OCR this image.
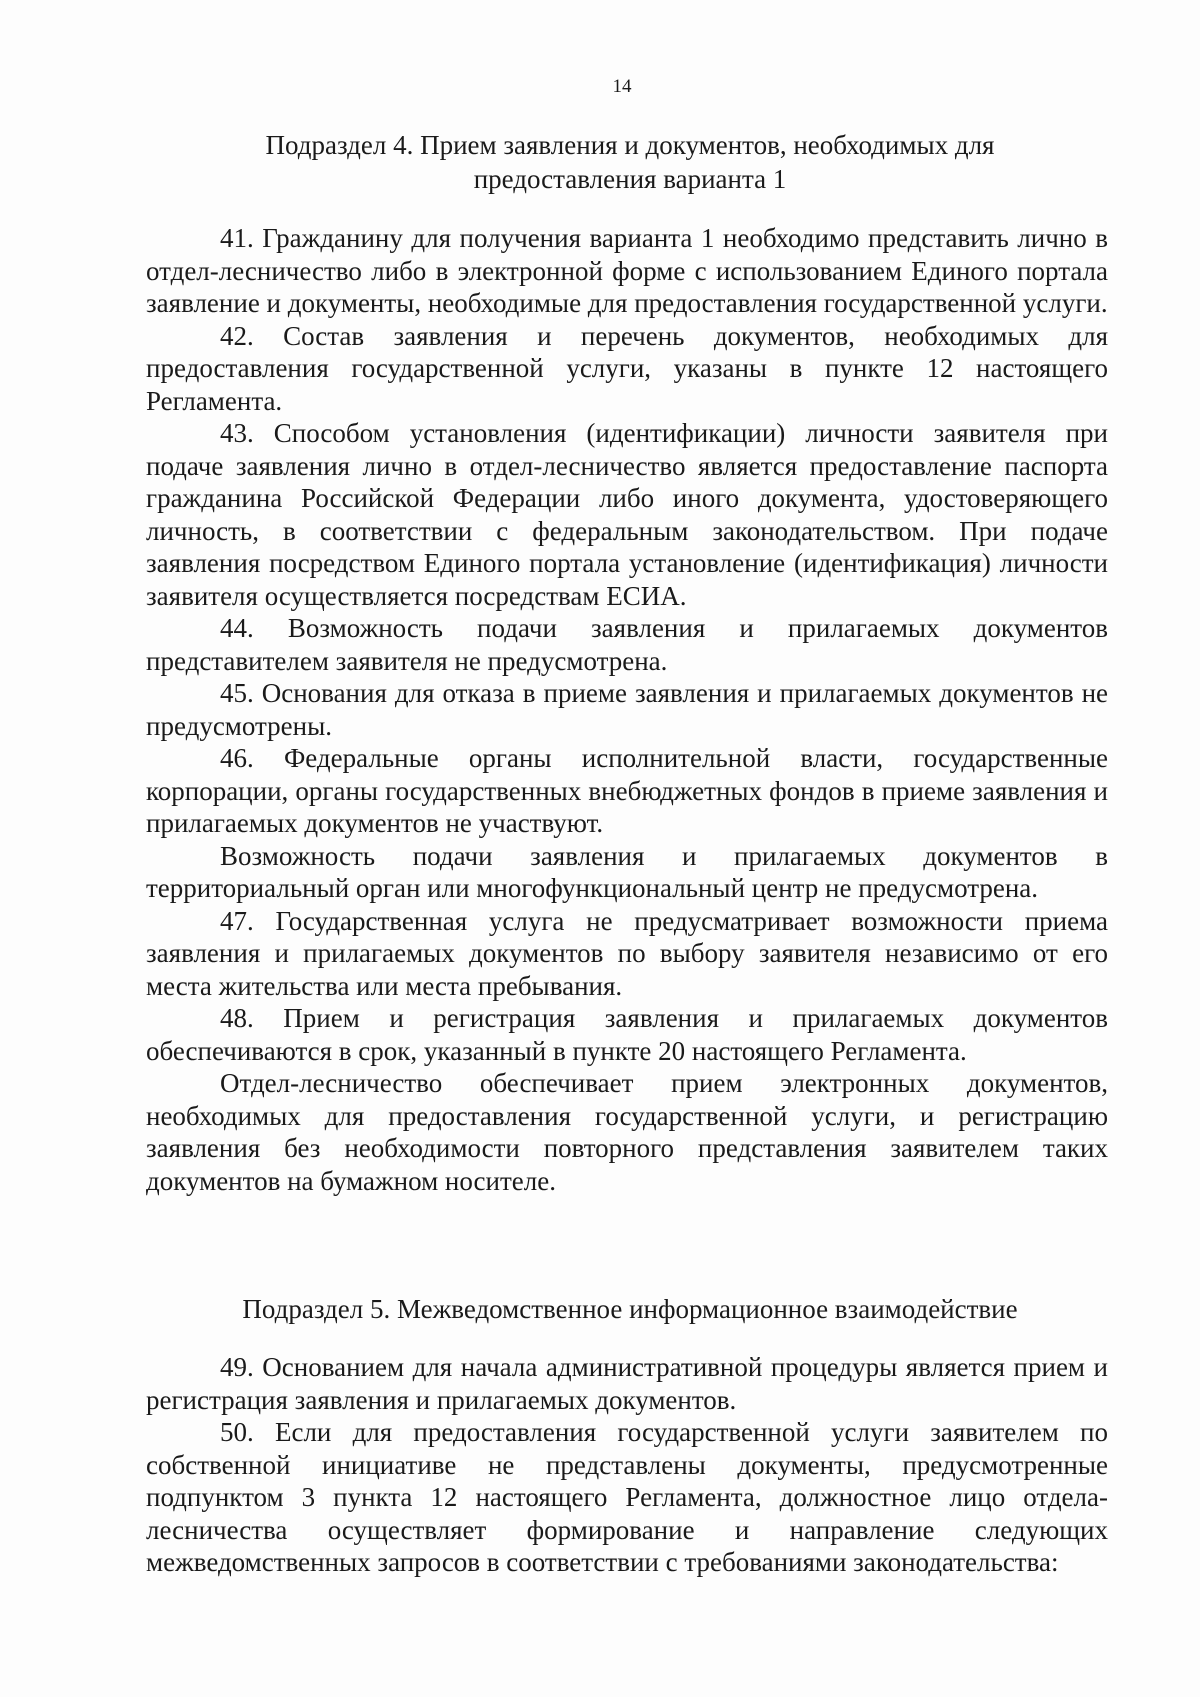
14
Подраздел 4. Прием заявления и документов, необходимых для
предоставления варианта 1

41. Гражданину для получения варианта 1 необходимо представить лично в отдел-лесничество либо в электронной форме с использованием Единого портала заявление и документы, необходимые для предоставления государственной услуги.

42. Состав заявления и перечень документов, необходимых для предоставления государственной услуги, указаны в пункте 12 настоящего Регламента.

43. Способом установления (идентификации) личности заявителя при подаче заявления лично в отдел-лесничество является предоставление паспорта гражданина Российской Федерации либо иного документа, удостоверяющего личность, в соответствии с федеральным законодательством. При подаче заявления посредством Единого портала установление (идентификация) личности заявителя осуществляется посредствам ЕСИА.

44. Возможность подачи заявления и прилагаемых документов представителем заявителя не предусмотрена.

45. Основания для отказа в приеме заявления и прилагаемых документов не предусмотрены.

46. Федеральные органы исполнительной власти, государственные корпорации, органы государственных внебюджетных фондов в приеме заявления и прилагаемых документов не участвуют.

Возможность подачи заявления и прилагаемых документов в территориальный орган или многофункциональный центр не предусмотрена.

47. Государственная услуга не предусматривает возможности приема заявления и прилагаемых документов по выбору заявителя независимо от его места жительства или места пребывания.

48. Прием и регистрация заявления и прилагаемых документов обеспечиваются в срок, указанный в пункте 20 настоящего Регламента.

Отдел-лесничество обеспечивает прием электронных документов, необходимых для предоставления государственной услуги, и регистрацию заявления без необходимости повторного представления заявителем таких документов на бумажном носителе.

Подраздел 5. Межведомственное информационное взаимодействие

49. Основанием для начала административной процедуры является прием и регистрация заявления и прилагаемых документов.

50. Если для предоставления государственной услуги заявителем по собственной инициативе не представлены документы, предусмотренные подпунктом 3 пункта 12 настоящего Регламента, должностное лицо отдела-лесничества осуществляет формирование и направление следующих межведомственных запросов в соответствии с требованиями законодательства:
